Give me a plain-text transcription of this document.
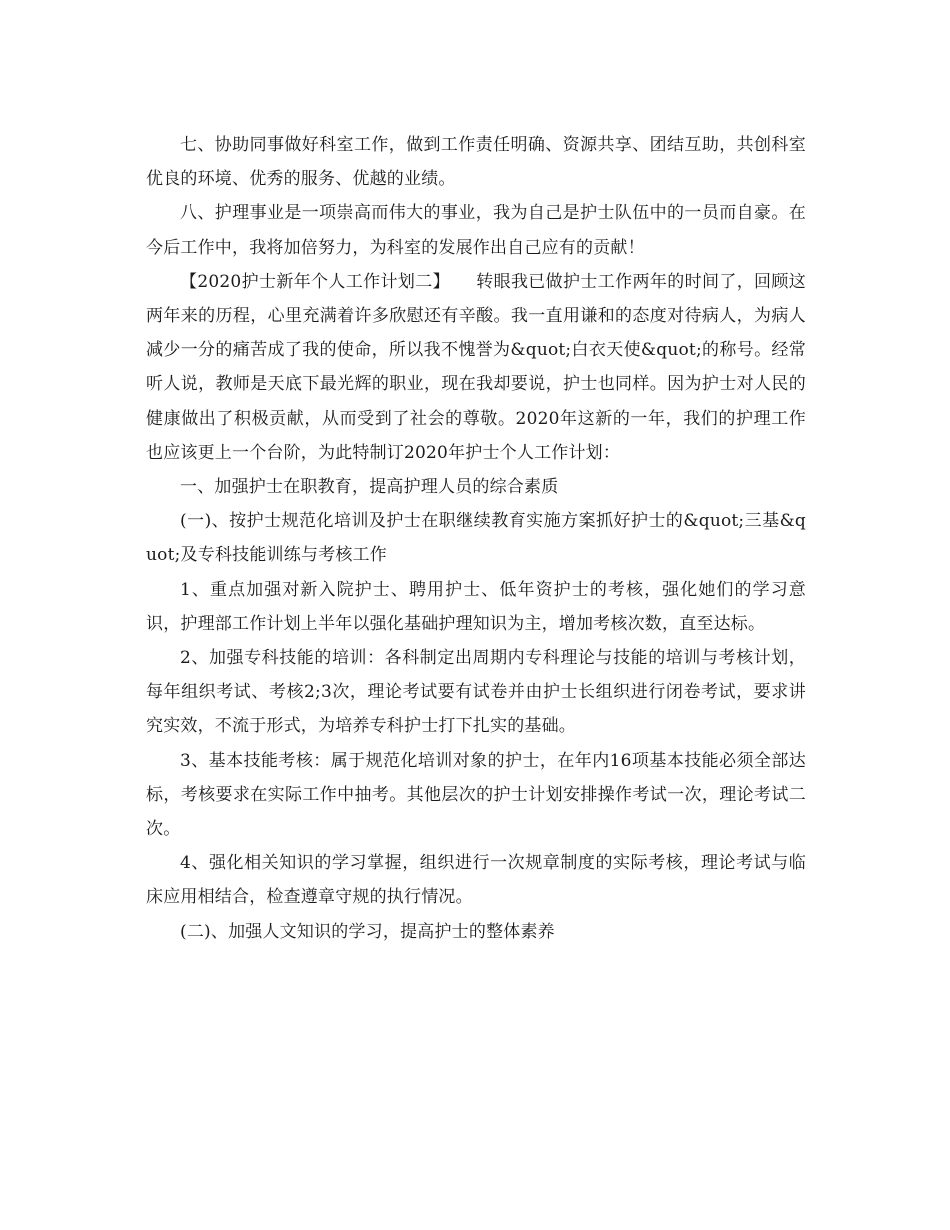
七、协助同事做好科室工作，做到工作责任明确、资源共享、团结互助，共创科室优良的环境、优秀的服务、优越的业绩。

八、护理事业是一项崇高而伟大的事业，我为自己是护士队伍中的一员而自豪。在今后工作中，我将加倍努力，为科室的发展作出自己应有的贡献！

【2020护士新年个人工作计划二】　　转眼我已做护士工作两年的时间了，回顾这两年来的历程，心里充满着许多欣慰还有辛酸。我一直用谦和的态度对待病人，为病人减少一分的痛苦成了我的使命，所以我不愧誉为&quot;白衣天使&quot;的称号。经常听人说，教师是天底下最光辉的职业，现在我却要说，护士也同样。因为护士对人民的健康做出了积极贡献，从而受到了社会的尊敬。2020年这新的一年，我们的护理工作也应该更上一个台阶，为此特制订2020年护士个人工作计划：

一、加强护士在职教育，提高护理人员的综合素质

(一)、按护士规范化培训及护士在职继续教育实施方案抓好护士的&quot;三基&quot;及专科技能训练与考核工作

1、重点加强对新入院护士、聘用护士、低年资护士的考核，强化她们的学习意识，护理部工作计划上半年以强化基础护理知识为主，增加考核次数，直至达标。

2、加强专科技能的培训：各科制定出周期内专科理论与技能的培训与考核计划，每年组织考试、考核2;3次，理论考试要有试卷并由护士长组织进行闭卷考试，要求讲究实效，不流于形式，为培养专科护士打下扎实的基础。

3、基本技能考核：属于规范化培训对象的护士，在年内16项基本技能必须全部达标，考核要求在实际工作中抽考。其他层次的护士计划安排操作考试一次，理论考试二次。

4、强化相关知识的学习掌握，组织进行一次规章制度的实际考核，理论考试与临床应用相结合，检查遵章守规的执行情况。

(二)、加强人文知识的学习，提高护士的整体素养
